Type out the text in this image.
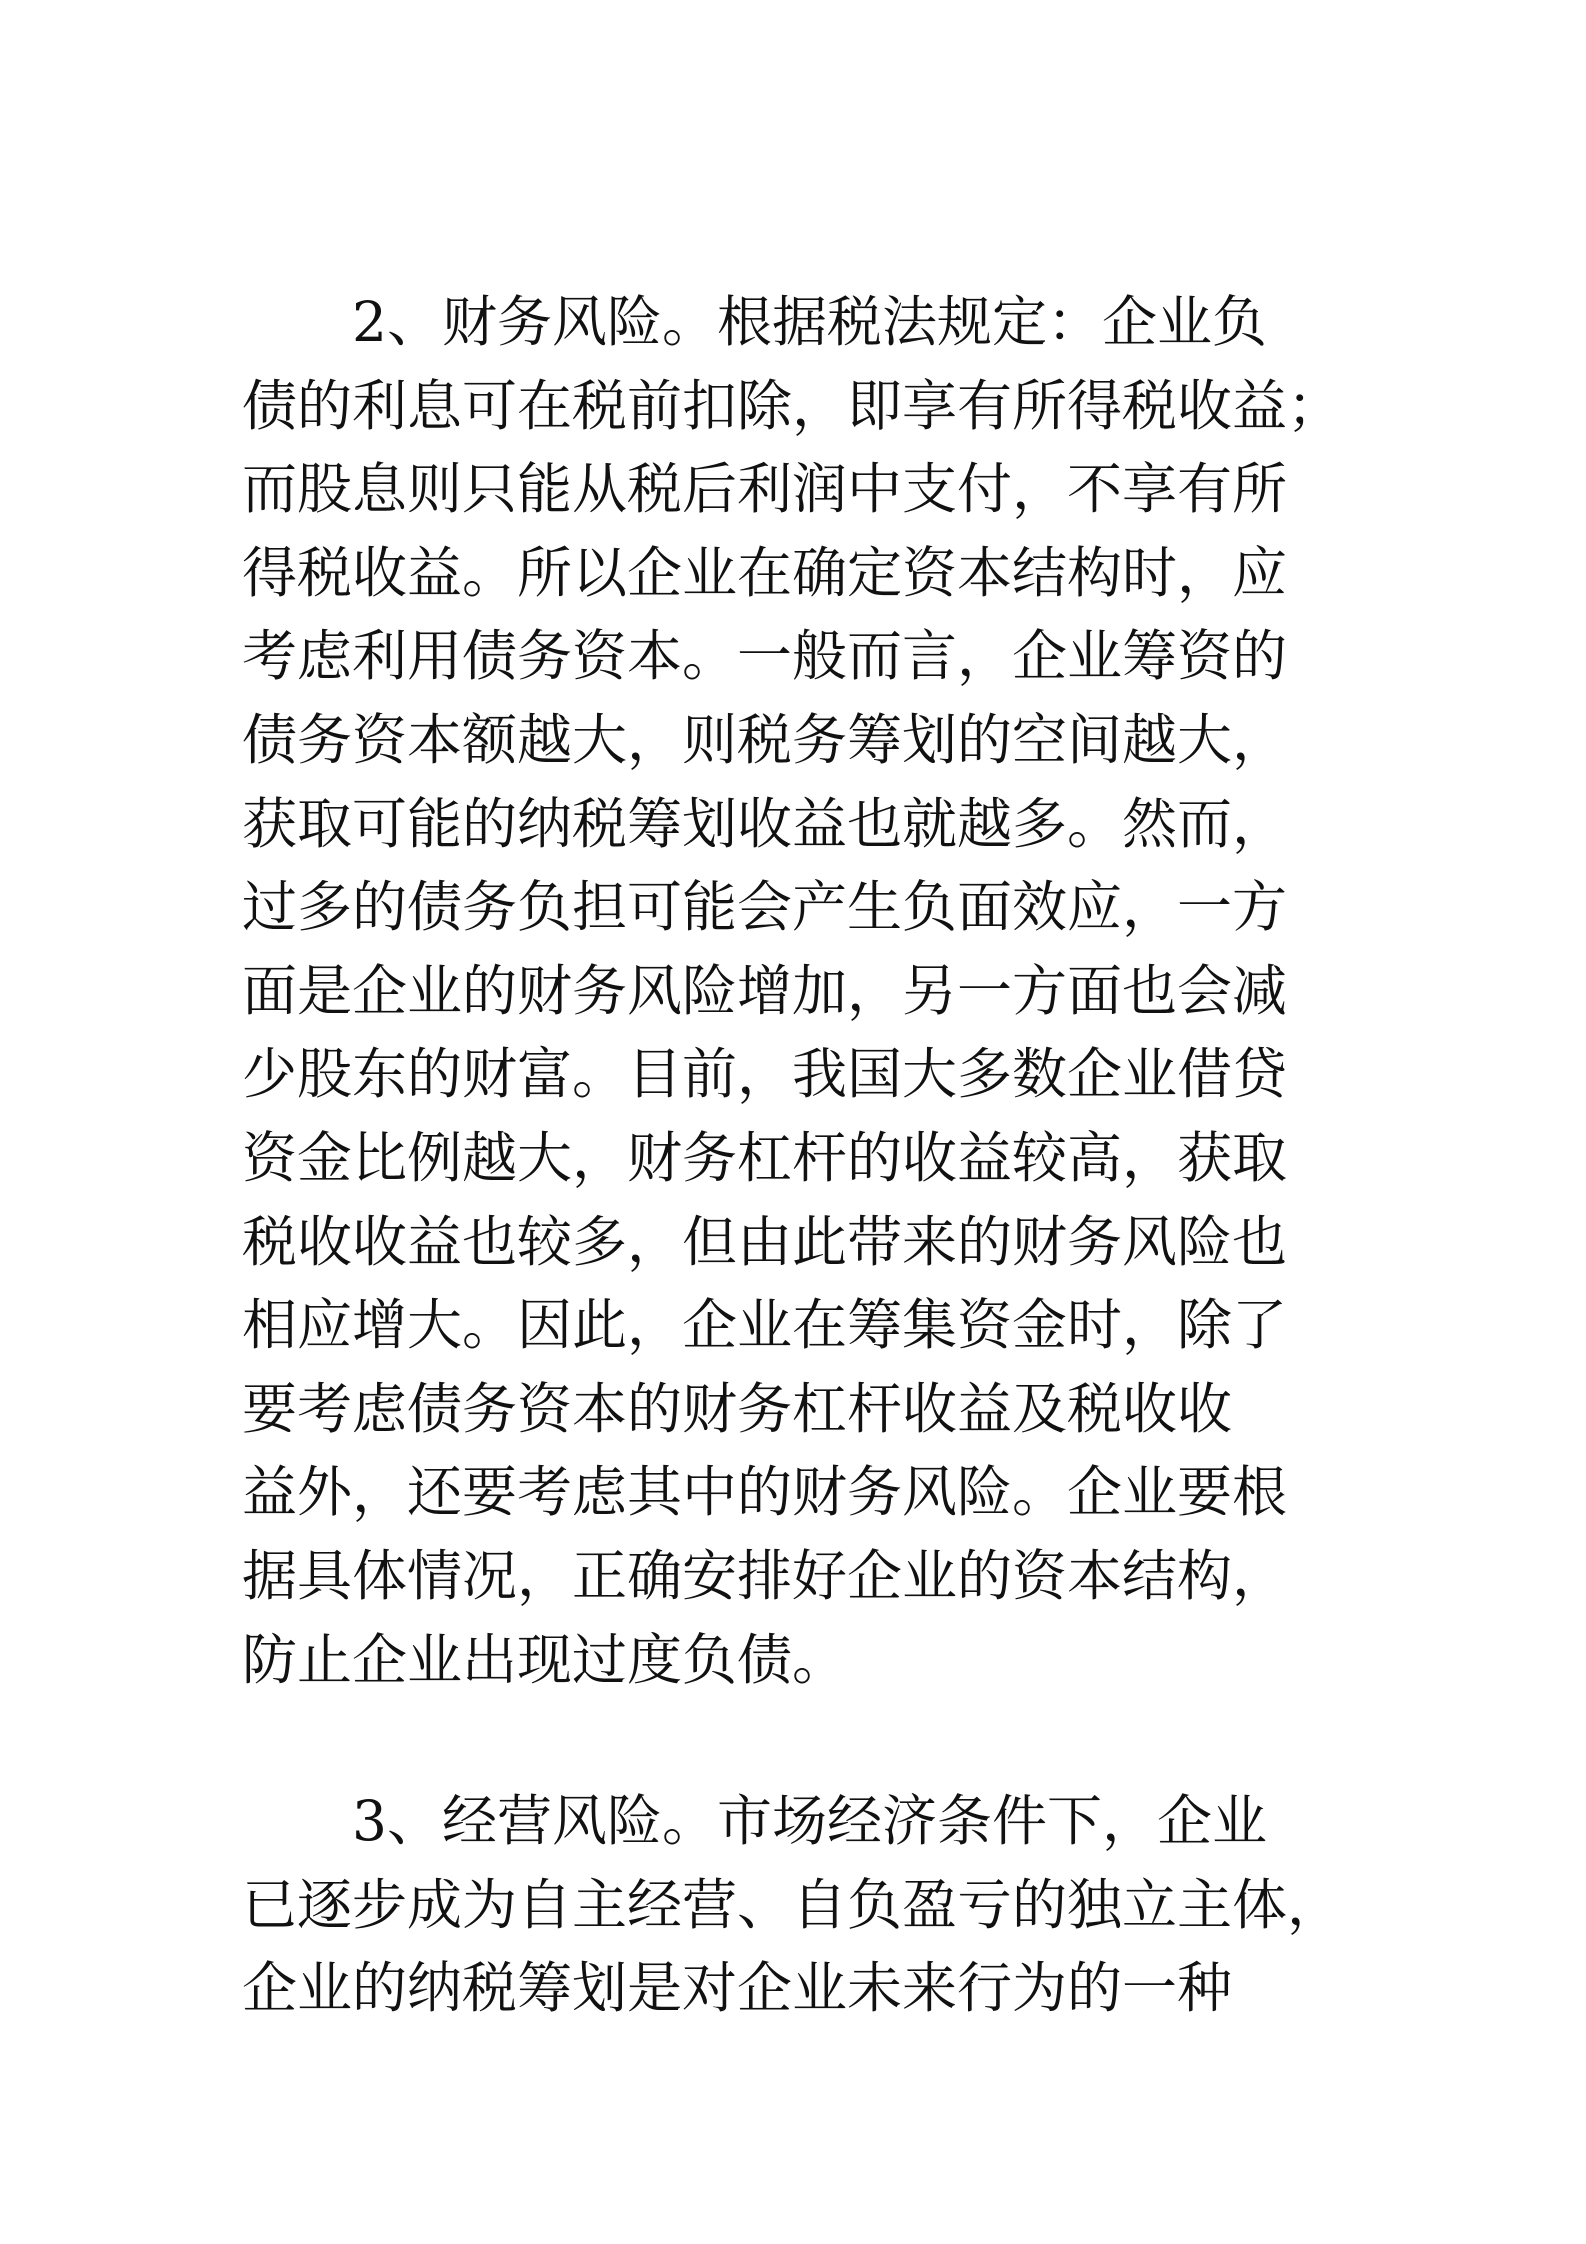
　　2、财务风险。根据税法规定：企业负
债的利息可在税前扣除，即享有所得税收益；
而股息则只能从税后利润中支付，不享有所
得税收益。所以企业在确定资本结构时，应
考虑利用债务资本。一般而言，企业筹资的
债务资本额越大，则税务筹划的空间越大，
获取可能的纳税筹划收益也就越多。然而，
过多的债务负担可能会产生负面效应，一方
面是企业的财务风险增加，另一方面也会减
少股东的财富。目前，我国大多数企业借贷
资金比例越大，财务杠杆的收益较高，获取
税收收益也较多，但由此带来的财务风险也
相应增大。因此，企业在筹集资金时，除了
要考虑债务资本的财务杠杆收益及税收收
益外，还要考虑其中的财务风险。企业要根
据具体情况，正确安排好企业的资本结构，
防止企业出现过度负债。
　　3、经营风险。市场经济条件下，企业
已逐步成为自主经营、自负盈亏的独立主体，
企业的纳税筹划是对企业未来行为的一种
